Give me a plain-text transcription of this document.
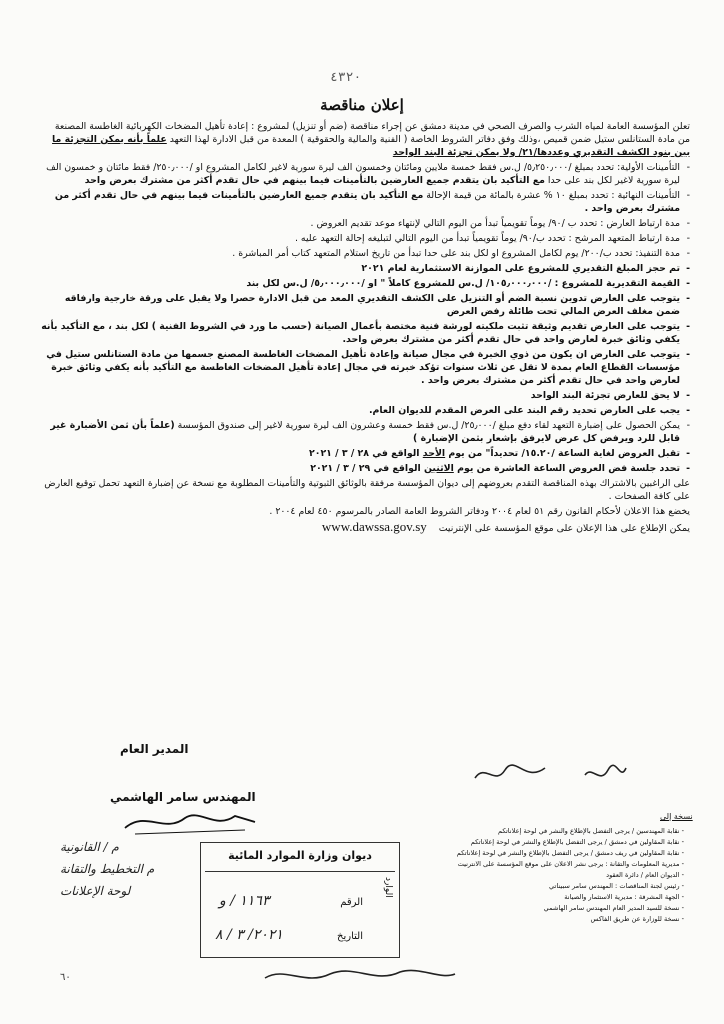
٤٣٢٠
إعلان مناقصة

تعلن المؤسسة العامة لمياه الشرب والصرف الصحي في مدينة دمشق عن إجراء مناقصة (ضم أو تنزيل) لمشروع : إعادة تأهيل المضخات الكهربائية الغاطسة المصنعة من مادة الستانلس ستيل ضمن قميص ،وذلك وفق دفاتر الشروط الخاصة ( الفنية والمالية والحقوقية ) المعدة من قبل الادارة لهذا التعهد علماً بأنه يمكن التجزئة ما بين بنود الكشف التقديري وعددها/٢١/ ولا يمكن تجزئة البند الواحد

- التأمينات الأولية: تحدد بمبلغ /٥٫٢٥٠٫٠٠٠/ ل.س فقط خمسة ملايين ومائتان وخمسون الف ليرة سورية لاغير لكامل المشروع او /٢٥٠٫٠٠٠/ فقط مائتان و خمسون الف ليرة سورية لاغير لكل بند على حدا مع التأكيد بان يتقدم جميع العارضين بالتأمينات فيما بينهم في حال تقدم أكثر من مشترك بعرض واحد

- التأمينات النهائية : تحدد بمبلغ ١٠ % عشرة بالمائة من قيمة الإحالة مع التأكيد بان يتقدم جميع العارضين بالتأمينات فيما بينهم في حال تقدم أكثر من مشترك بعرض واحد .

- مدة ارتباط العارض : تحدد ب /٩٠/ يوماً تقويمياً تبدأ من اليوم التالي لإنتهاء موعد تقديم العروض .

- مدة ارتباط المتعهد المرشح : تحدد ب/٩٠/ يوماً تقويمياً تبدأ من اليوم التالي لتبليغه إحالة التعهد عليه .

- مدة التنفيذ: تحدد ب/٢٠٠/ يوم لكامل المشروع او لكل بند على حدا تبدأ من تاريخ استلام المتعهد كتاب أمر المباشرة .

- تم حجز المبلغ التقديري للمشروع على الموازنة الاستثمارية لعام ٢٠٢١

- القيمة التقديرية للمشروع : /١٠٥٫٠٠٠٫٠٠٠/ ل.س للمشروع كاملاً " او /٥٫٠٠٠٫٠٠٠/ ل.س لكل بند

- يتوجب على العارض تدوين نسبة الضم أو التنزيل على الكشف التقديري المعد من قبل الادارة حصرا ولا يقبل على ورقة خارجية وارفاقه ضمن مغلف العرض المالي تحت طائلة رفض العرض

- يتوجب على العارض تقديم وثيقة تثبت ملكيته لورشة فنية مختصة بأعمال الصيانة (حسب ما ورد في الشروط الفنية ) لكل بند ، مع التأكيد بأنه يكفي وثائق خبرة لعارض واحد في حال تقدم أكثر من مشترك بعرض واحد.

- يتوجب على العارض ان يكون من ذوي الخبرة في مجال صيانة وإعادة تأهيل المضخات الغاطسة المصنع جسمها من مادة الستانلس ستيل في مؤسسات القطاع العام بمدة لا تقل عن ثلاث سنوات تؤكد خبرته في مجال إعادة تأهيل المضخات الغاطسة مع التأكيد بأنه يكفي وثائق خبرة لعارض واحد في حال تقدم أكثر من مشترك بعرض واحد .

- لا يحق للعارض تجزئة البند الواحد

- يجب على العارض تحديد رقم البند على العرض المقدم للديوان العام.

- يمكن الحصول على إضبارة التعهد لقاء دفع مبلغ /٢٥٫٠٠٠/ ل.س فقط خمسة وعشرون الف ليرة سورية لاغير إلى صندوق المؤسسة (علماً بأن ثمن الأضبارة غير قابل للرد ويرفض كل عرض لايرفق بإشعار بثمن الإضبارة )

- تقبل العروض لغاية الساعة /١٥.٢٠/ تحديداً" من يوم الأحد الواقع في ٢٨ / ٣ / ٢٠٢١

- تحدد جلسة فض العروض الساعة العاشرة من يوم الاثنين الواقع في ٢٩ / ٣ / ٢٠٢١

على الراغبين بالاشتراك بهذه المناقصة التقدم بعروضهم إلى ديوان المؤسسة مرفقة بالوثائق الثبوتية والتأمينات المطلوبة مع نسخة عن إضبارة التعهد تحمل توقيع العارض على كافة الصفحات .

يخضع هذا الاعلان لأحكام القانون رقم ٥١ لعام ٢٠٠٤ ودفاتر الشروط العامة الصادر بالمرسوم ٤٥٠ لعام ٢٠٠٤ .

يمكن الإطلاع على هذا الإعلان على موقع المؤسسة على الإنترنيت    www.dawssa.gov.sy

المدير العام
المهندس سامر الهاشمي
نسخة إلى
- نقابة المهندسين / يرجى التفضل بالإطلاع والنشر في لوحة إعلاناتكم
- نقابة المقاولين في دمشق / يرجى التفضل بالإطلاع والنشر في لوحة إعلاناتكم
- نقابة المقاولين في ريف دمشق / يرجى التفضل بالإطلاع والنشر في لوحة إعلاناتكم
- مديرية المعلومات والتقانة : يرجى نشر الاعلان على موقع المؤسسة على الانترنيت
- الديوان العام / دائرة العقود
- رئيس لجنة المناقصات : المهندس سامر سبيناتي
- الجهة المشرفة : مديرية الاستثمار والصيانة
- نسخة للسيد المدير العام المهندس سامر الهاشمي
- نسخة للوزارة عن طريق الفاكس
ديوان وزارة الموارد المائية
الوارد
الرقم
١١٦٣ / و
التاريخ
٢٠٢١/ ٣ / ٨
م / القانونية
م التخطيط والتقانة
لوحة الإعلانات
٦٠
